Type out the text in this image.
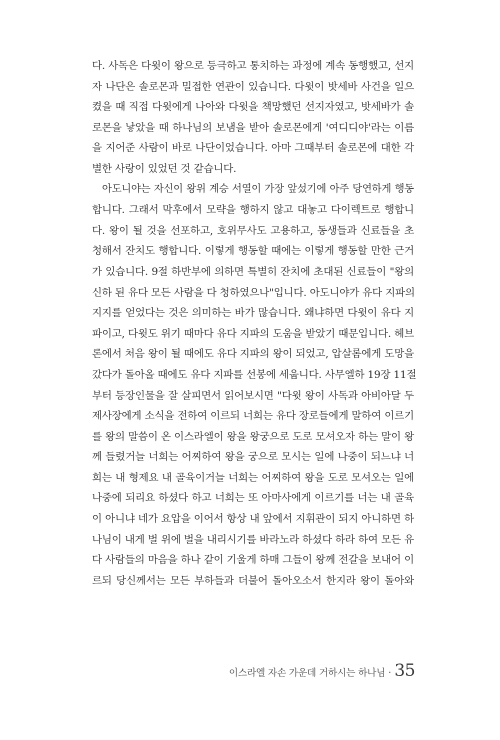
다. 사독은 다윗이 왕으로 등극하고 통치하는 과정에 계속 동행했고, 선지
자 나단은 솔로몬과 밀접한 연관이 있습니다. 다윗이 밧세바 사건을 일으
켰을 때 직접 다윗에게 나아와 다윗을 책망했던 선지자였고, 밧세바가 솔
로몬을 낳았을 때 하나님의 보냄을 받아 솔로몬에게 '여디디야'라는 이름
을 지어준 사람이 바로 나단이었습니다. 아마 그때부터 솔로몬에 대한 각
별한 사랑이 있었던 것 같습니다.
아도니야는 자신이 왕위 계승 서열이 가장 앞섰기에 아주 당연하게 행동
합니다. 그래서 막후에서 모략을 행하지 않고 대놓고 다이렉트로 행합니
다. 왕이 될 것을 선포하고, 호위무사도 고용하고, 동생들과 신료들을 초
청해서 잔치도 행합니다. 이렇게 행동할 때에는 이렇게 행동할 만한 근거
가 있습니다. 9절 하반부에 의하면 특별히 잔치에 초대된 신료들이 "왕의
신하 된 유다 모든 사람을 다 청하였으나"입니다. 아도니야가 유다 지파의
지지를 얻었다는 것은 의미하는 바가 많습니다. 왜냐하면 다윗이 유다 지
파이고, 다윗도 위기 때마다 유다 지파의 도움을 받았기 때문입니다. 헤브
론에서 처음 왕이 될 때에도 유다 지파의 왕이 되었고, 압살롬에게 도망을
갔다가 돌아올 때에도 유다 지파를 선봉에 세웁니다. 사무엘하 19장 11절
부터 등장인물을 잘 살피면서 읽어보시면 "다윗 왕이 사독과 아비아달 두
제사장에게 소식을 전하여 이르되 너희는 유다 장로들에게 말하여 이르기
를 왕의 말씀이 온 이스라엘이 왕을 왕궁으로 도로 모셔오자 하는 말이 왕
께 들렸거늘 너희는 어찌하여 왕을 궁으로 모시는 일에 나중이 되느냐 너
희는 내 형제요 내 골육이거늘 너희는 어찌하여 왕을 도로 모셔오는 일에
나중에 되리요 하셨다 하고 너희는 또 아마사에게 이르기를 너는 내 골육
이 아니냐 네가 요압을 이어서 항상 내 앞에서 지휘관이 되지 아니하면 하
나님이 내게 벌 위에 벌을 내리시기를 바라노라 하셨다 하라 하여 모든 유
다 사람들의 마음을 하나 같이 기울게 하매 그들이 왕께 전갈을 보내어 이
르되 당신께서는 모든 부하들과 더불어 돌아오소서 한지라 왕이 돌아와
이스라엘 자손 가운데 거하시는 하나님 · 35
